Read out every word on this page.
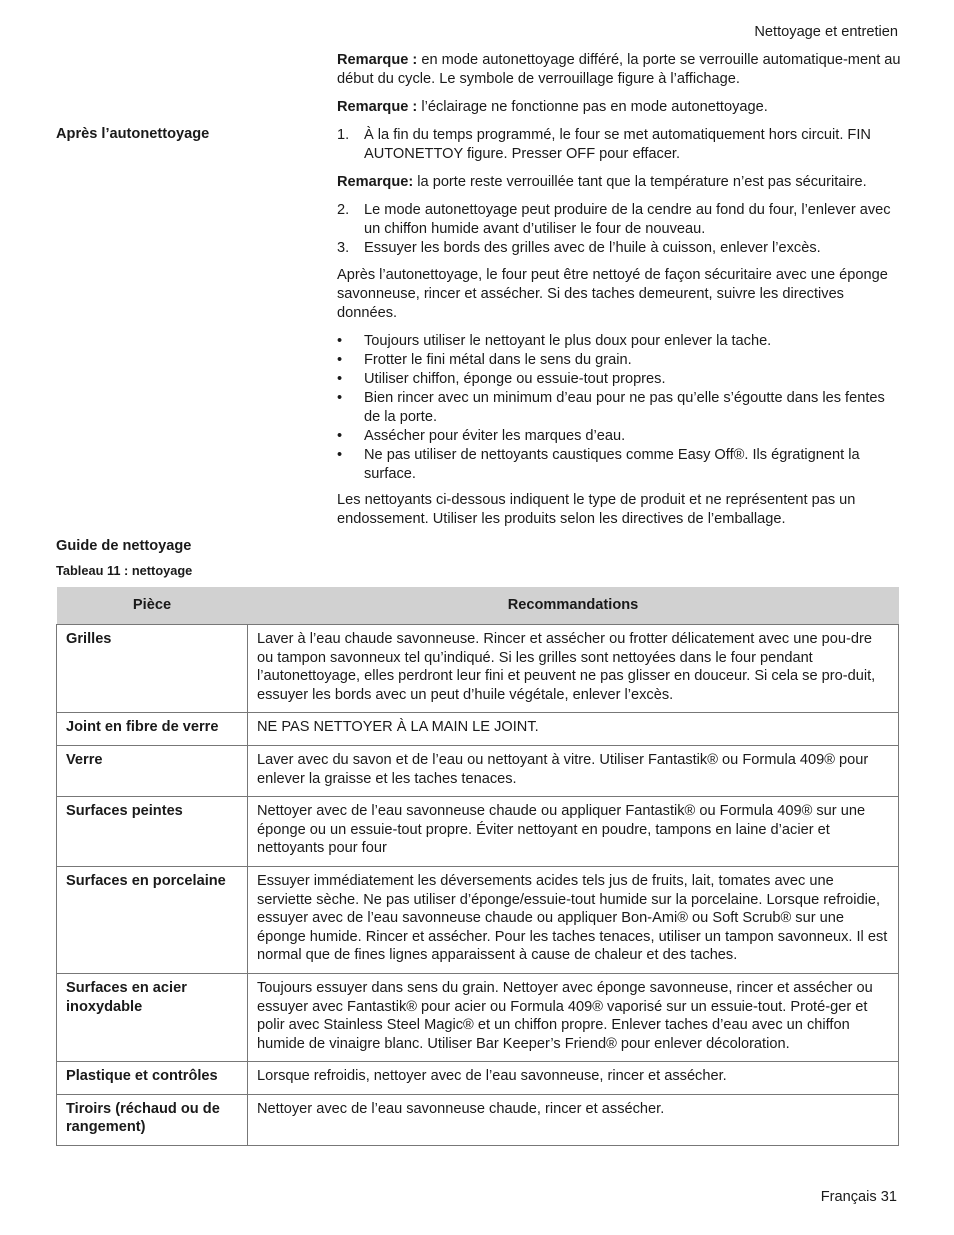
Nettoyage et entretien

Remarque : en mode autonettoyage différé, la porte se verrouille automatique-ment au début du cycle. Le symbole de verrouillage figure à l’affichage.

Remarque : l’éclairage ne fonctionne pas en mode autonettoyage.

Après l’autonettoyage	1. À la fin du temps programmé, le four se met automatiquement hors circuit. FIN AUTONETTOY figure. Presser OFF pour effacer.

Remarque: la porte reste verrouillée tant que la température n’est pas sécuritaire.

2. Le mode autonettoyage peut produire de la cendre au fond du four, l’enlever avec un chiffon humide avant d’utiliser le four de nouveau.
3. Essuyer les bords des grilles avec de l’huile à cuisson, enlever l’excès.

Après l’autonettoyage, le four peut être nettoyé de façon sécuritaire avec une éponge savonneuse, rincer et assécher. Si des taches demeurent, suivre les directives données.

• Toujours utiliser le nettoyant le plus doux pour enlever la tache.
• Frotter le fini métal dans le sens du grain.
• Utiliser chiffon, éponge ou essuie-tout propres.
• Bien rincer avec un minimum d’eau pour ne pas qu’elle s’égoutte dans les fentes de la porte.
• Assécher pour éviter les marques d’eau.
• Ne pas utiliser de nettoyants caustiques comme Easy Off®. Ils égratignent la surface.

Les nettoyants ci-dessous indiquent le type de produit et ne représentent pas un endossement. Utiliser les produits selon les directives de l’emballage.

Guide de nettoyage
Tableau 11 : nettoyage
Pièce	Recommandations
Grilles	Laver à l’eau chaude savonneuse. Rincer et assécher ou frotter délicatement avec une pou-dre ou tampon savonneux tel qu’indiqué. Si les grilles sont nettoyées dans le four pendant l’autonettoyage, elles perdront leur fini et peuvent ne pas glisser en douceur. Si cela se pro-duit, essuyer les bords avec un peut d’huile végétale, enlever l’excès.
Joint en fibre de verre	NE PAS NETTOYER À LA MAIN LE JOINT.
Verre	Laver avec du savon et de l’eau ou nettoyant à vitre. Utiliser Fantastik® ou Formula 409® pour enlever la graisse et les taches tenaces.
Surfaces peintes	Nettoyer avec de l’eau savonneuse chaude ou appliquer Fantastik® ou Formula 409® sur une éponge ou un essuie-tout propre. Éviter nettoyant en poudre, tampons en laine d’acier et nettoyants pour four
Surfaces en porcelaine	Essuyer immédiatement les déversements acides tels jus de fruits, lait, tomates avec une serviette sèche. Ne pas utiliser d’éponge/essuie-tout humide sur la porcelaine. Lorsque refroidie, essuyer avec de l’eau savonneuse chaude ou appliquer Bon-Ami® ou Soft Scrub® sur une éponge humide. Rincer et assécher. Pour les taches tenaces, utiliser un tampon savonneux. Il est normal que de fines lignes apparaissent à cause de chaleur et des taches.
Surfaces en acier inoxydable	Toujours essuyer dans sens du grain. Nettoyer avec éponge savonneuse, rincer et assécher ou essuyer avec Fantastik® pour acier ou Formula 409® vaporisé sur un essuie-tout. Proté-ger et polir avec Stainless Steel Magic® et un chiffon propre. Enlever taches d’eau avec un chiffon humide de vinaigre blanc. Utiliser Bar Keeper’s Friend® pour enlever décoloration.
Plastique et contrôles	Lorsque refroidis, nettoyer avec de l’eau savonneuse, rincer et assécher.
Tiroirs (réchaud ou de rangement)	Nettoyer avec de l’eau savonneuse chaude, rincer et assécher.
Français 31
